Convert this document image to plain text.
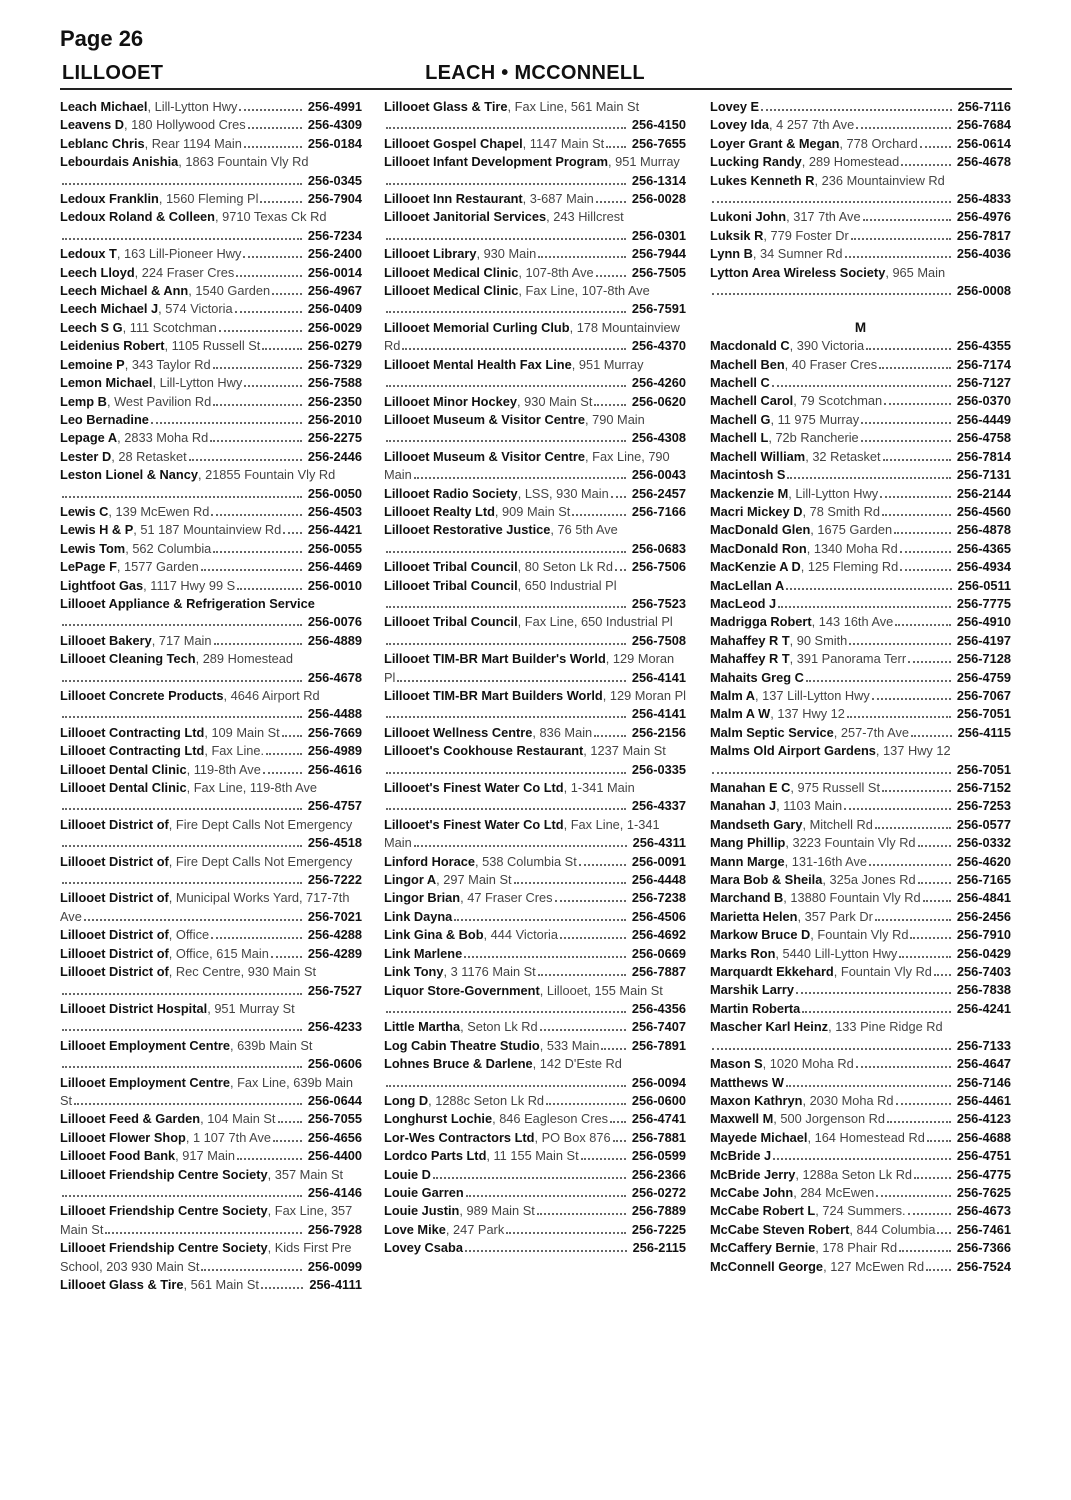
Page 26
LILLOOET	LEACH • MCCONNELL
Leach Michael, Lill-Lytton Hwy	256-4991
Leavens D, 180 Hollywood Cres	256-4309
Leblanc Chris, Rear 1194 Main	256-0184
Lebourdais Anishia, 1863 Fountain Vly Rd
256-0345
Ledoux Franklin, 1560 Fleming Pl	256-7904
Ledoux Roland & Colleen, 9710 Texas Ck Rd
256-7234
Ledoux T, 163 Lill-Pioneer Hwy	256-2400
Leech Lloyd, 224 Fraser Cres	256-0014
Leech Michael & Ann, 1540 Garden	256-4967
Leech Michael J, 574 Victoria	256-0409
Leech S G, 111 Scotchman	256-0029
Leidenius Robert, 1105 Russell St	256-0279
Lemoine P, 343 Taylor Rd	256-7329
Lemon Michael, Lill-Lytton Hwy	256-7588
Lemp B, West Pavilion Rd	256-2350
Leo Bernadine	256-2010
Lepage A, 2833 Moha Rd	256-2275
Lester D, 28 Retasket	256-2446
Leston Lionel & Nancy, 21855 Fountain Vly Rd
256-0050
Lewis C, 139 McEwen Rd	256-4503
Lewis H & P, 51 187 Mountainview Rd 256-4421
Lewis Tom, 562 Columbia	256-0055
LePage F, 1577 Garden	256-4469
Lightfoot Gas, 1117 Hwy 99 S	256-0010
Lillooet Appliance & Refrigeration Service
256-0076
Lillooet Bakery, 717 Main	256-4889
Lillooet Cleaning Tech, 289 Homestead
256-4678
Lillooet Concrete Products, 4646 Airport Rd
256-4488
Lillooet Contracting Ltd, 109 Main St 256-7669
Lillooet Contracting Ltd, Fax Line.	256-4989
Lillooet Dental Clinic, 119-8th Ave	256-4616
Lillooet Dental Clinic, Fax Line, 119-8th Ave
256-4757
Lillooet District of, Fire Dept Calls Not Emergency
256-4518
Lillooet District of, Fire Dept Calls Not Emergency
256-7222
Lillooet District of, Municipal Works Yard, 717-7th Ave	256-7021
Lillooet District of, Office	256-4288
Lillooet District of, Office, 615 Main	256-4289
Lillooet District of, Rec Centre, 930 Main St
256-7527
Lillooet District Hospital, 951 Murray St
256-4233
Lillooet Employment Centre, 639b Main St
256-0606
Lillooet Employment Centre, Fax Line, 639b Main St	256-0644
Lillooet Feed & Garden, 104 Main St	256-7055
Lillooet Flower Shop, 1 107 7th Ave	256-4656
Lillooet Food Bank, 917 Main	256-4400
Lillooet Friendship Centre Society, 357 Main St
256-4146
Lillooet Friendship Centre Society, Fax Line, 357 Main St	256-7928
Lillooet Friendship Centre Society, Kids First Pre School, 203 930 Main St	256-0099
Lillooet Glass & Tire, 561 Main St	256-4111
Lillooet Glass & Tire, Fax Line, 561 Main St
256-4150
Lillooet Gospel Chapel, 1147 Main St 256-7655
Lillooet Infant Development Program, 951 Murray
256-1314
Lillooet Inn Restaurant, 3-687 Main	256-0028
Lillooet Janitorial Services, 243 Hillcrest
256-0301
Lillooet Library, 930 Main	256-7944
Lillooet Medical Clinic, 107-8th Ave	256-7505
Lillooet Medical Clinic, Fax Line, 107-8th Ave
256-7591
Lillooet Memorial Curling Club, 178 Mountainview Rd	256-4370
Lillooet Mental Health Fax Line, 951 Murray
256-4260
Lillooet Minor Hockey, 930 Main St	256-0620
Lillooet Museum & Visitor Centre, 790 Main
256-4308
Lillooet Museum & Visitor Centre, Fax Line, 790 Main	256-0043
Lillooet Radio Society, LSS, 930 Main 256-2457
Lillooet Realty Ltd, 909 Main St	256-7166
Lillooet Restorative Justice, 76 5th Ave
256-0683
Lillooet Tribal Council, 80 Seton Lk Rd 256-7506
Lillooet Tribal Council, 650 Industrial Pl
256-7523
Lillooet Tribal Council, Fax Line, 650 Industrial Pl
256-7508
Lillooet TIM-BR Mart Builder's World, 129 Moran Pl	256-4141
Lillooet TIM-BR Mart Builders World, 129 Moran Pl
256-4141
Lillooet Wellness Centre, 836 Main	256-2156
Lillooet's Cookhouse Restaurant, 1237 Main St
256-0335
Lillooet's Finest Water Co Ltd, 1-341 Main
256-4337
Lillooet's Finest Water Co Ltd, Fax Line, 1-341 Main	256-4311
Linford Horace, 538 Columbia St	256-0091
Lingor A, 297 Main St	256-4448
Lingor Brian, 47 Fraser Cres	256-7238
Link Dayna	256-4506
Link Gina & Bob, 444 Victoria	256-4692
Link Marlene	256-0669
Link Tony, 3 1176 Main St	256-7887
Liquor Store-Government, Lillooet, 155 Main St
256-4356
Little Martha, Seton Lk Rd	256-7407
Log Cabin Theatre Studio, 533 Main	256-7891
Lohnes Bruce & Darlene, 142 D'Este Rd
256-0094
Long D, 1288c Seton Lk Rd	256-0600
Longhurst Lochie, 846 Eagleson Cres 256-4741
Lor-Wes Contractors Ltd, PO Box 876 256-7881
Lordco Parts Ltd, 11 155 Main St	256-0599
Louie D	256-2366
Louie Garren	256-0272
Louie Justin, 989 Main St	256-7889
Love Mike, 247 Park	256-7225
Lovey Csaba	256-2115
Lovey E	256-7116
Lovey Ida, 4 257 7th Ave	256-7684
Loyer Grant & Megan, 778 Orchard	256-0614
Lucking Randy, 289 Homestead	256-4678
Lukes Kenneth R, 236 Mountainview Rd
256-4833
Lukoni John, 317 7th Ave	256-4976
Luksik R, 779 Foster Dr	256-7817
Lynn B, 34 Sumner Rd	256-4036
Lytton Area Wireless Society, 965 Main
256-0008
M
Macdonald C, 390 Victoria	256-4355
Machell Ben, 40 Fraser Cres	256-7174
Machell C	256-7127
Machell Carol, 79 Scotchman	256-0370
Machell G, 11 975 Murray	256-4449
Machell L, 72b Rancherie	256-4758
Machell William, 32 Retasket	256-7814
Macintosh S	256-7131
Mackenzie M, Lill-Lytton Hwy	256-2144
Macri Mickey D, 78 Smith Rd	256-4560
MacDonald Glen, 1675 Garden	256-4878
MacDonald Ron, 1340 Moha Rd	256-4365
MacKenzie A D, 125 Fleming Rd	256-4934
MacLellan A	256-0511
MacLeod J	256-7775
Madrigga Robert, 143 16th Ave	256-4910
Mahaffey R T, 90 Smith	256-4197
Mahaffey R T, 391 Panorama Terr	256-7128
Mahaits Greg C	256-4759
Malm A, 137 Lill-Lytton Hwy	256-7067
Malm A W, 137 Hwy 12	256-7051
Malm Septic Service, 257-7th Ave	256-4115
Malms Old Airport Gardens, 137 Hwy 12
256-7051
Manahan E C, 975 Russell St	256-7152
Manahan J, 1103 Main	256-7253
Mandseth Gary, Mitchell Rd	256-0577
Mang Phillip, 3223 Fountain Vly Rd	256-0332
Mann Marge, 131-16th Ave	256-4620
Mara Bob & Sheila, 325a Jones Rd	256-7165
Marchand B, 13880 Fountain Vly Rd	256-4841
Marietta Helen, 357 Park Dr	256-2456
Markow Bruce D, Fountain Vly Rd	256-7910
Marks Ron, 5440 Lill-Lytton Hwy	256-0429
Marquardt Ekkehard, Fountain Vly Rd 256-7403
Marshik Larry	256-7838
Martin Roberta	256-4241
Mascher Karl Heinz, 133 Pine Ridge Rd
256-7133
Mason S, 1020 Moha Rd	256-4647
Matthews W	256-7146
Maxon Kathryn, 2030 Moha Rd	256-4461
Maxwell M, 500 Jorgenson Rd	256-4123
Mayede Michael, 164 Homestead Rd	256-4688
McBride J	256-4751
McBride Jerry, 1288a Seton Lk Rd	256-4775
McCabe John, 284 McEwen	256-7625
McCabe Robert L, 724 Summers.	256-4673
McCabe Steven Robert, 844 Columbia 256-7461
McCaffery Bernie, 178 Phair Rd	256-7366
McConnell George, 127 McEwen Rd	256-7524
